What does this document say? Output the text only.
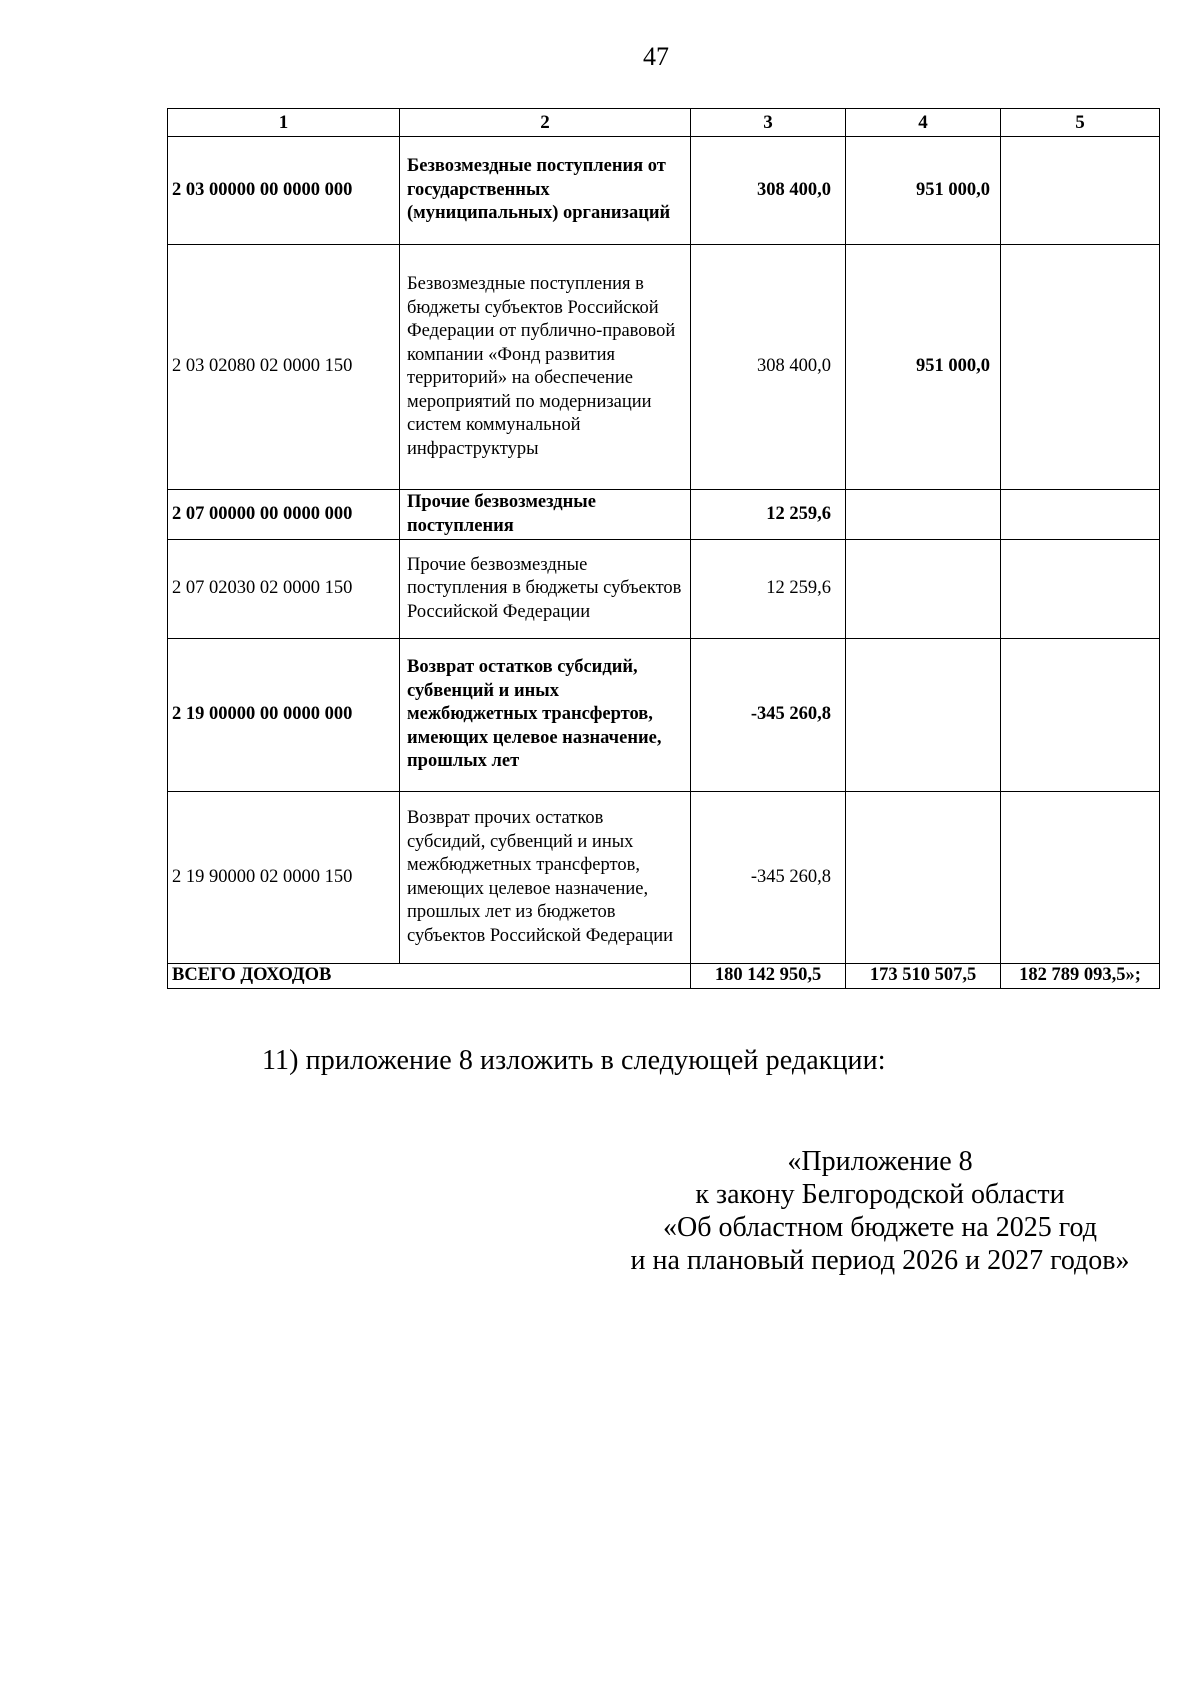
47
1	2	3	4	5
2 03 00000 00 0000 000	Безвозмездные поступления от государственных (муниципальных) организаций	308 400,0	951 000,0	
2 03 02080 02 0000 150	Безвозмездные поступления в бюджеты субъектов Российской Федерации от публично-правовой компании «Фонд развития территорий» на обеспечение мероприятий по модернизации систем коммунальной инфраструктуры	308 400,0	951 000,0	
2 07 00000 00 0000 000	Прочие безвозмездные поступления	12 259,6		
2 07 02030 02 0000 150	Прочие безвозмездные поступления в бюджеты субъектов Российской Федерации	12 259,6		
2 19 00000 00 0000 000	Возврат остатков субсидий, субвенций и иных межбюджетных трансфертов, имеющих целевое назначение, прошлых лет	-345 260,8		
2 19 90000 02 0000 150	Возврат прочих остатков субсидий, субвенций и иных межбюджетных трансфертов, имеющих целевое назначение, прошлых лет из бюджетов субъектов Российской Федерации	-345 260,8		
ВСЕГО ДОХОДОВ		180 142 950,5	173 510 507,5	182 789 093,5»;
11) приложение 8 изложить в следующей редакции:
«Приложение 8
к закону Белгородской области
«Об областном бюджете на 2025 год
и на плановый период 2026 и 2027 годов»
